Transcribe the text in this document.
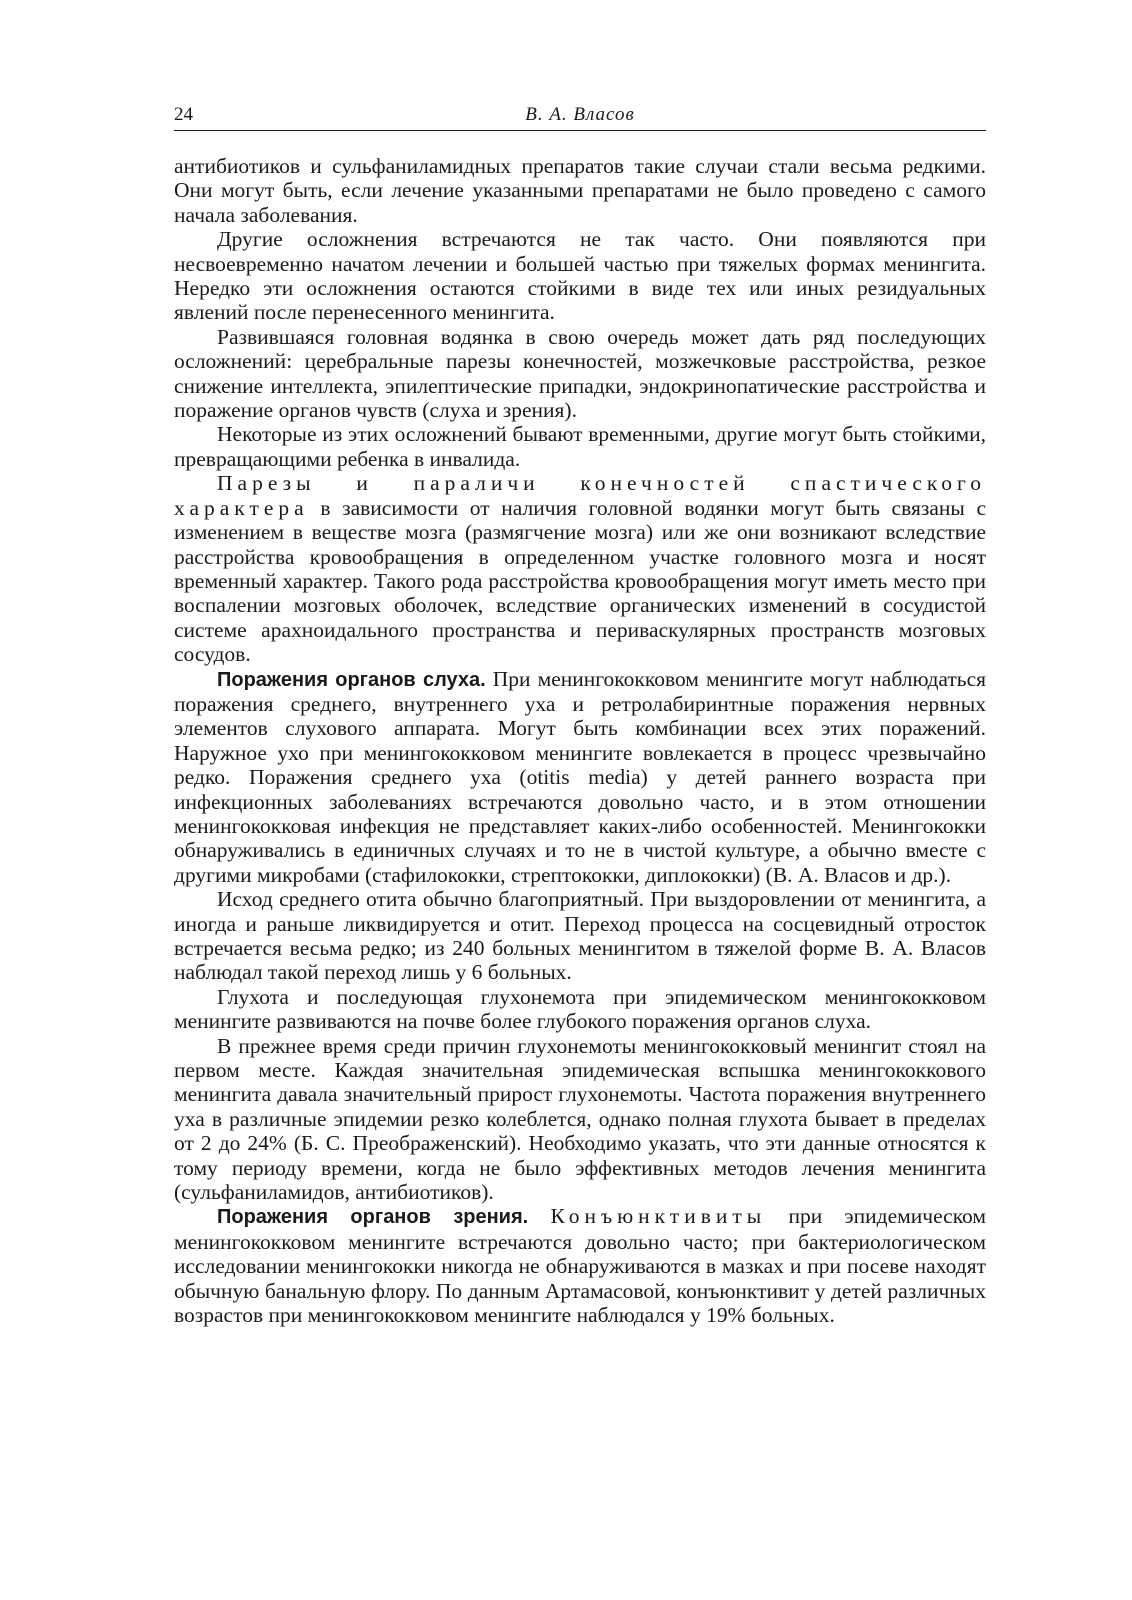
24	В. А. Власов

антибиотиков и сульфаниламидных препаратов такие случаи стали весьма редкими. Они могут быть, если лечение указанными препаратами не было проведено с самого начала заболевания.

Другие осложнения встречаются не так часто. Они появляются при несвоевременно начатом лечении и большей частью при тяжелых формах менингита. Нередко эти осложнения остаются стойкими в виде тех или иных резидуальных явлений после перенесенного менингита.

Развившаяся головная водянка в свою очередь может дать ряд последующих осложнений: церебральные парезы конечностей, мозжечковые расстройства, резкое снижение интеллекта, эпилептические припадки, эндокринопатические расстройства и поражение органов чувств (слуха и зрения).

Некоторые из этих осложнений бывают временными, другие могут быть стойкими, превращающими ребенка в инвалида.

Парезы и параличи конечностей спастического характера в зависимости от наличия головной водянки могут быть связаны с изменением в веществе мозга (размягчение мозга) или же они возникают вследствие расстройства кровообращения в определенном участке головного мозга и носят временный характер. Такого рода расстройства кровообращения могут иметь место при воспалении мозговых оболочек, вследствие органических изменений в сосудистой системе арахноидального пространства и периваскулярных пространств мозговых сосудов.

Поражения органов слуха. При менингококковом менингите могут наблюдаться поражения среднего, внутреннего уха и ретролабиринтные поражения нервных элементов слухового аппарата. Могут быть комбинации всех этих поражений. Наружное ухо при менингококковом менингите вовлекается в процесс чрезвычайно редко. Поражения среднего уха (otitis media) у детей раннего возраста при инфекционных заболеваниях встречаются довольно часто, и в этом отношении менингококковая инфекция не представляет каких-либо особенностей. Менингококки обнаруживались в единичных случаях и то не в чистой культуре, а обычно вместе с другими микробами (стафилококки, стрептококки, диплококки) (В. А. Власов и др.).

Исход среднего отита обычно благоприятный. При выздоровлении от менингита, а иногда и раньше ликвидируется и отит. Переход процесса на сосцевидный отросток встречается весьма редко; из 240 больных менингитом в тяжелой форме В. А. Власов наблюдал такой переход лишь у 6 больных.

Глухота и последующая глухонемота при эпидемическом менингококковом менингите развиваются на почве более глубокого поражения органов слуха.

В прежнее время среди причин глухонемоты менингококковый менингит стоял на первом месте. Каждая значительная эпидемическая вспышка менингококкового менингита давала значительный прирост глухонемоты. Частота поражения внутреннего уха в различные эпидемии резко колеблется, однако полная глухота бывает в пределах от 2 до 24% (Б. С. Преображенский). Необходимо указать, что эти данные относятся к тому периоду времени, когда не было эффективных методов лечения менингита (сульфаниламидов, антибиотиков).

Поражения органов зрения. Конъюнктивиты при эпидемическом менингококковом менингите встречаются довольно часто; при бактериологическом исследовании менингококки никогда не обнаруживаются в мазках и при посеве находят обычную банальную флору. По данным Артамасовой, конъюнктивит у детей различных возрастов при менингококковом менингите наблюдался у 19% больных.
